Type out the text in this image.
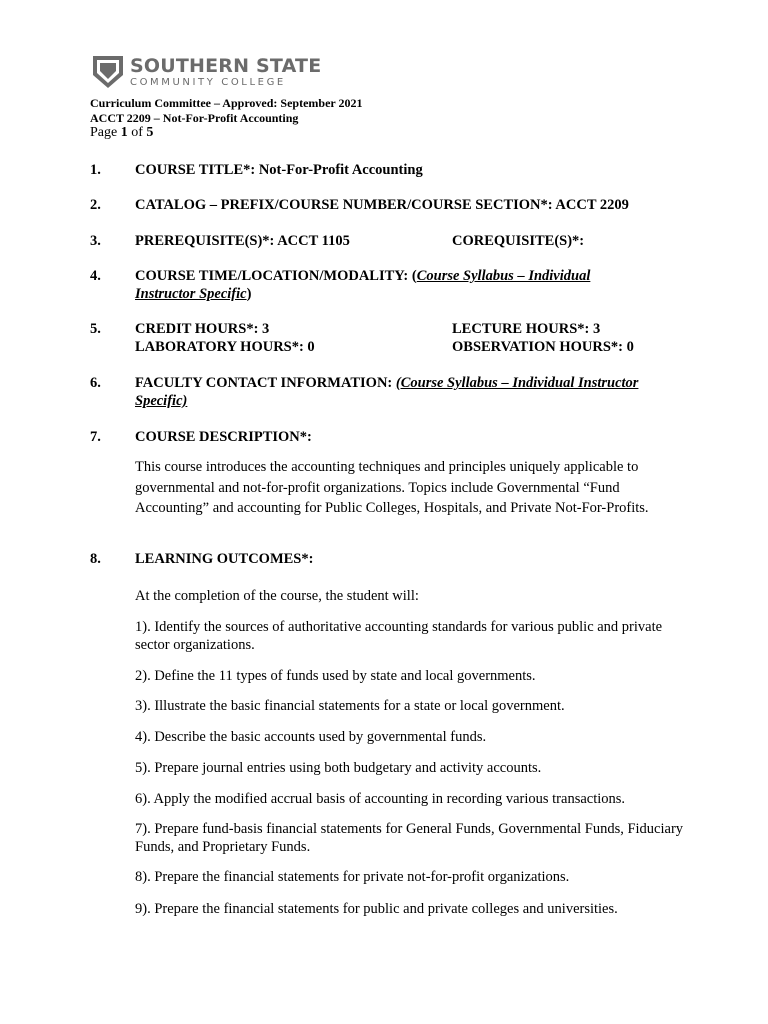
SOUTHERN STATE
COMMUNITY COLLEGE
Curriculum Committee – Approved: September 2021
ACCT 2209 – Not-For-Profit Accounting
Page 1 of 5
1. COURSE TITLE*: Not-For-Profit Accounting
2. CATALOG – PREFIX/COURSE NUMBER/COURSE SECTION*: ACCT 2209
3. PREREQUISITE(S)*: ACCT 1105	COREQUISITE(S)*:
4. COURSE TIME/LOCATION/MODALITY: (Course Syllabus – Individual
Instructor Specific)
5. CREDIT HOURS*: 3
LABORATORY HOURS*: 0
LECTURE HOURS*: 3
OBSERVATION HOURS*: 0
6. FACULTY CONTACT INFORMATION: (Course Syllabus – Individual Instructor
Specific)
7. COURSE DESCRIPTION*:
This course introduces the accounting techniques and principles uniquely applicable to governmental and not-for-profit organizations. Topics include Governmental “Fund Accounting” and accounting for Public Colleges, Hospitals, and Private Not-For-Profits.
8. LEARNING OUTCOMES*:
At the completion of the course, the student will:
1). Identify the sources of authoritative accounting standards for various public and private sector organizations.
2). Define the 11 types of funds used by state and local governments.
3). Illustrate the basic financial statements for a state or local government.
4). Describe the basic accounts used by governmental funds.
5). Prepare journal entries using both budgetary and activity accounts.
6). Apply the modified accrual basis of accounting in recording various transactions.
7). Prepare fund-basis financial statements for General Funds, Governmental Funds, Fiduciary Funds, and Proprietary Funds.
8). Prepare the financial statements for private not-for-profit organizations.
9). Prepare the financial statements for public and private colleges and universities.
